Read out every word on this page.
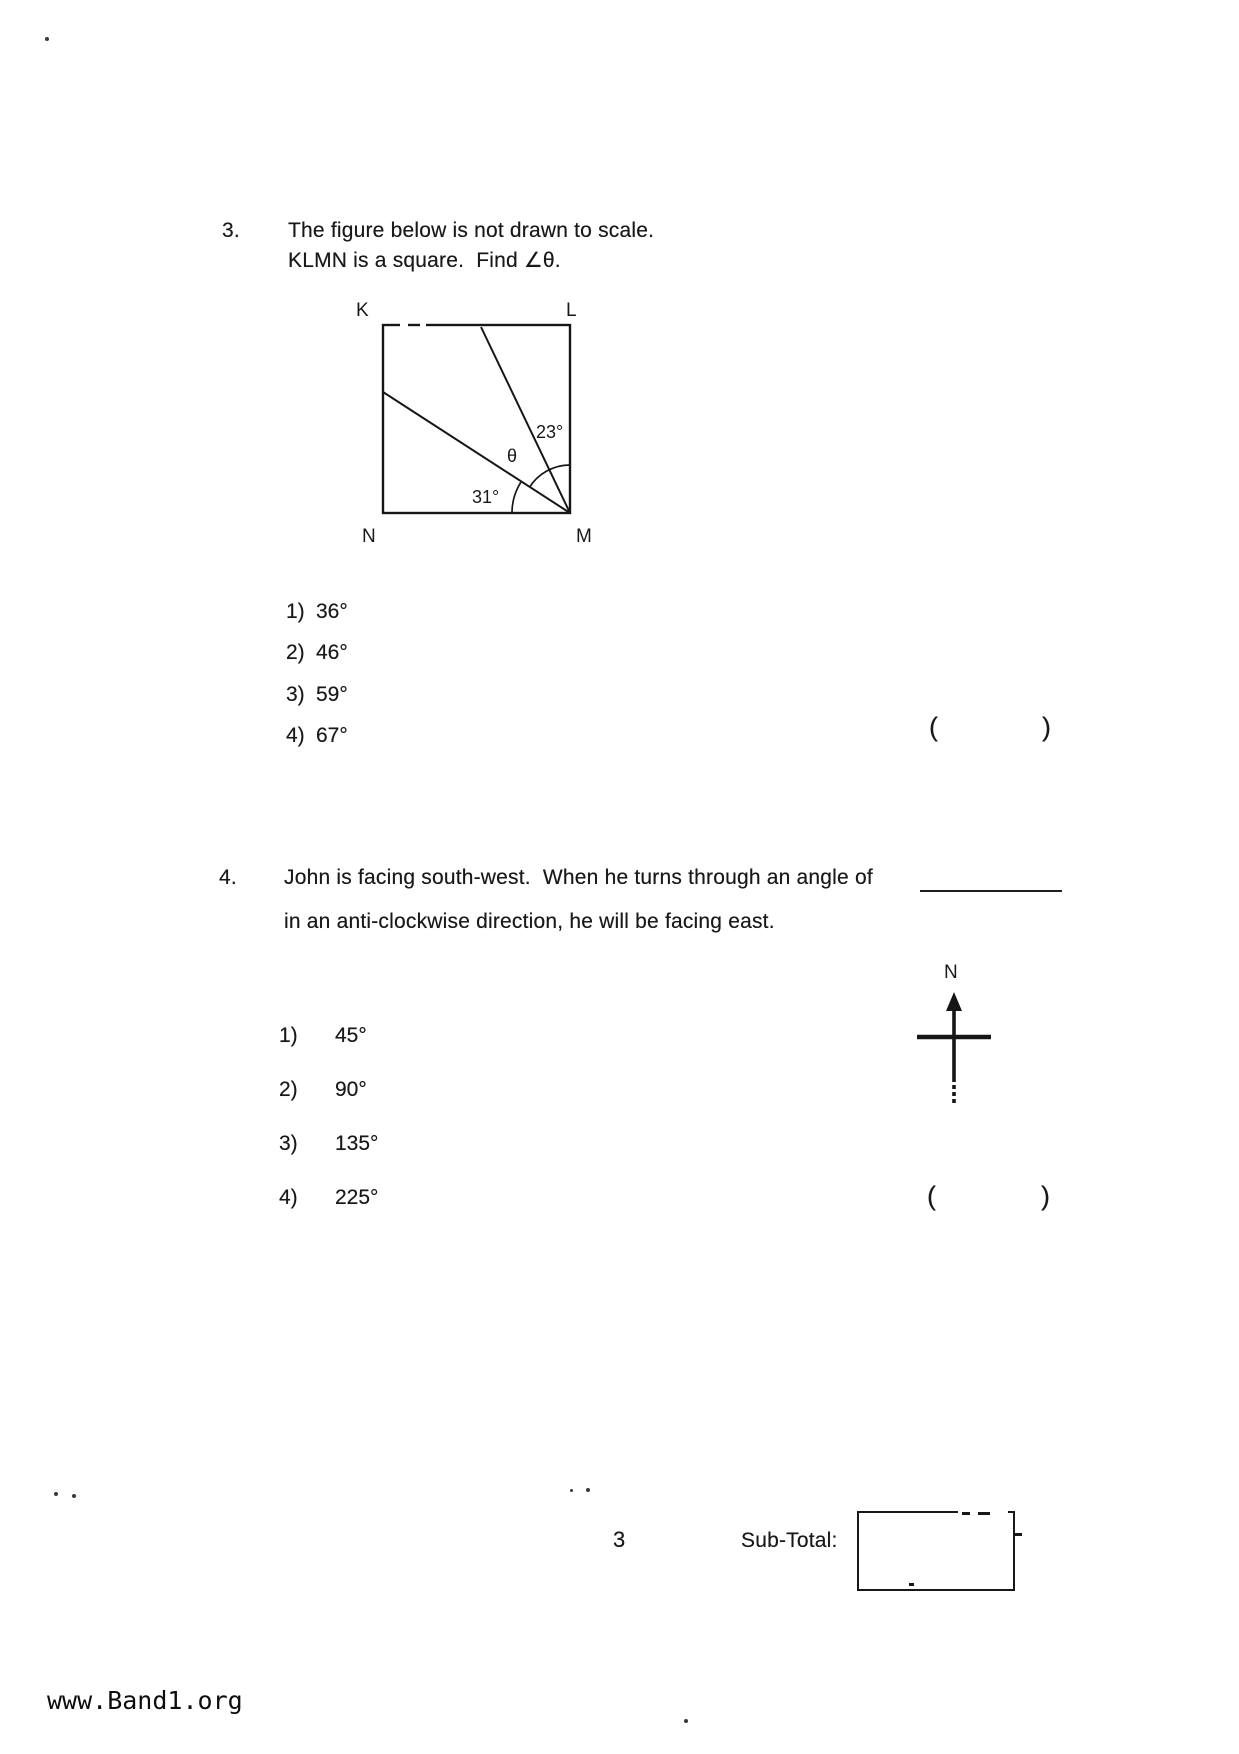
3. The figure below is not drawn to scale.
KLMN is a square.  Find ∠θ.
K	L
N	M
23°
θ
31°
1) 36°
2) 46°
3) 59°
4) 67°	(	)
4. John is facing south-west.  When he turns through an angle of
in an anti-clockwise direction, he will be facing east.
N
1) 45°
2) 90°
3) 135°
4) 225°	(	)
3	Sub-Total:
www.Band1.org
